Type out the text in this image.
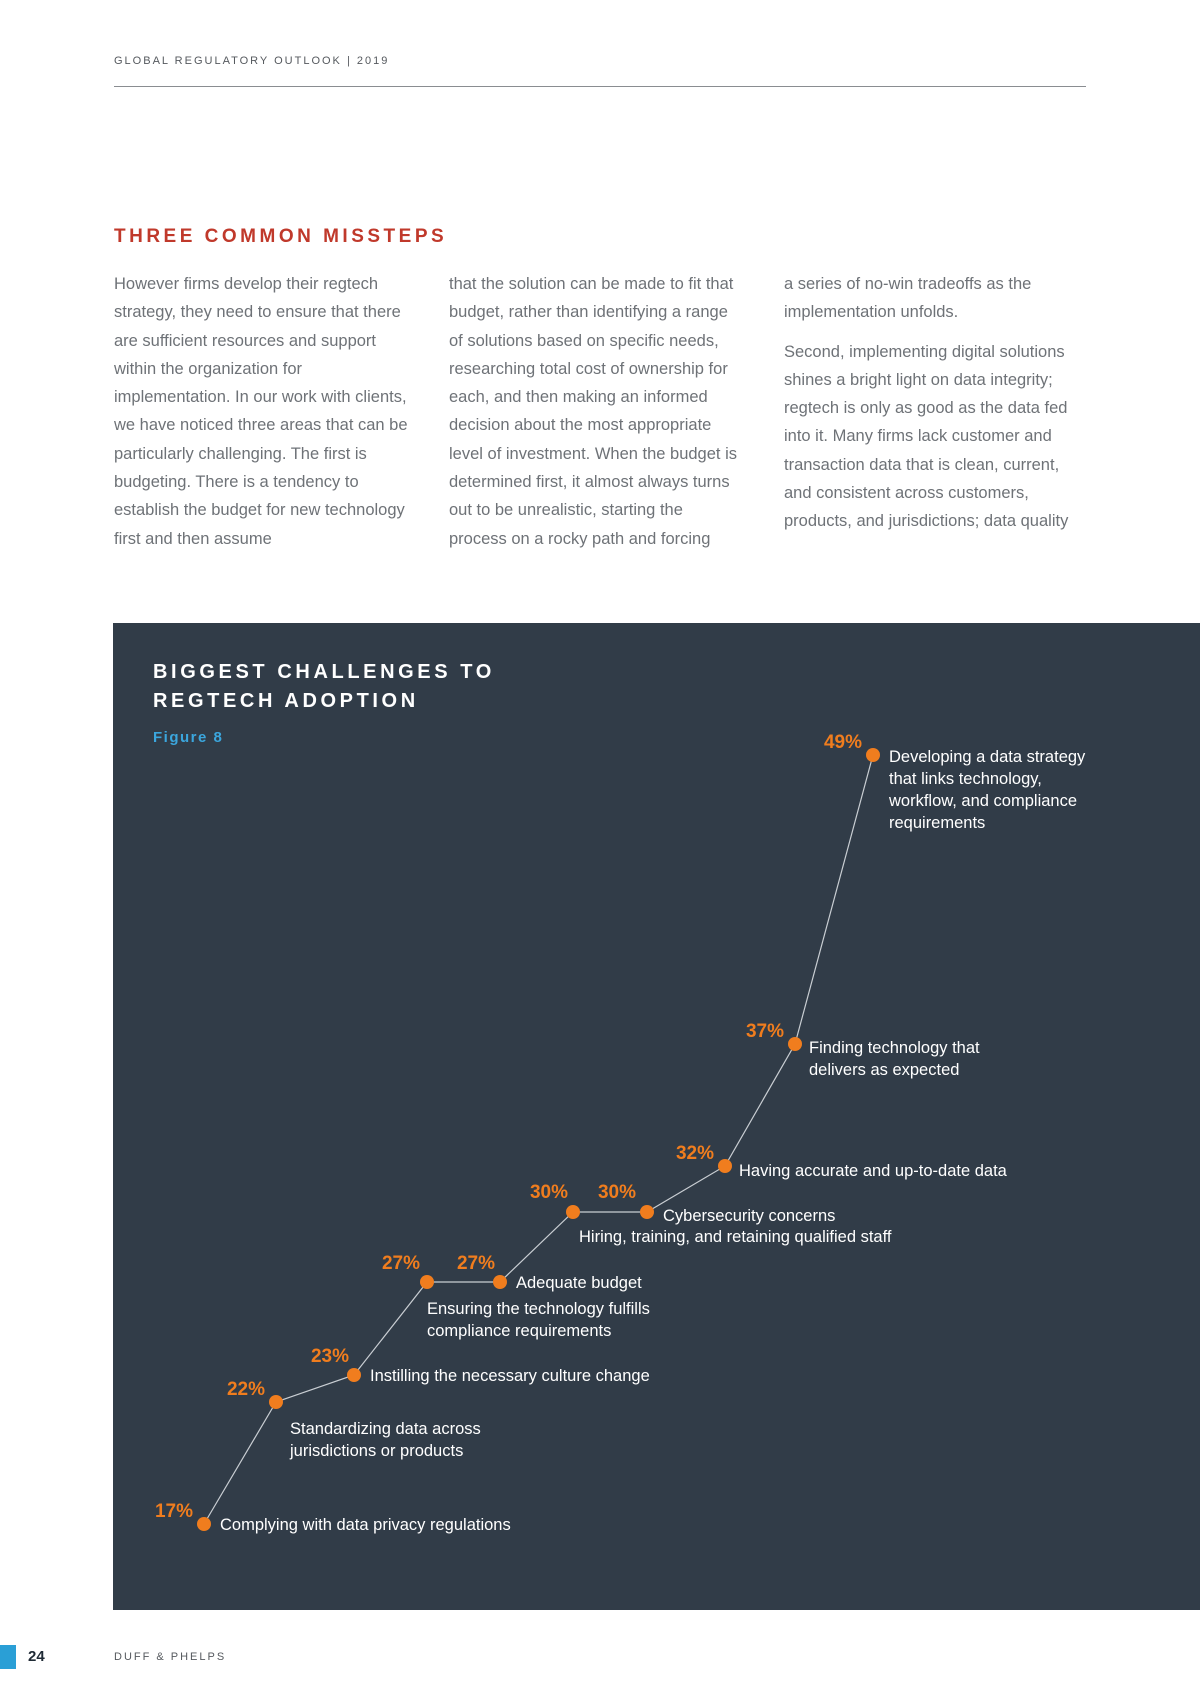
GLOBAL REGULATORY OUTLOOK | 2019
THREE COMMON MISSTEPS

However firms develop their regtech strategy, they need to ensure that there are sufficient resources and support within the organization for implementation. In our work with clients, we have noticed three areas that can be particularly challenging. The first is budgeting. There is a tendency to establish the budget for new technology first and then assume

that the solution can be made to fit that budget, rather than identifying a range of solutions based on specific needs, researching total cost of ownership for each, and then making an informed decision about the most appropriate level of investment. When the budget is determined first, it almost always turns out to be unrealistic, starting the process on a rocky path and forcing

a series of no-win tradeoffs as the implementation unfolds.

Second, implementing digital solutions shines a bright light on data integrity; regtech is only as good as the data fed into it. Many firms lack customer and transaction data that is clean, current, and consistent across customers, products, and jurisdictions; data quality

BIGGEST CHALLENGES TO
REGTECH ADOPTION
Figure 8
17%
Complying with data privacy regulations
22%
Standardizing data across jurisdictions or products
23%
Instilling the necessary culture change
27%
Ensuring the technology fulfills compliance requirements
27%
Adequate budget
30%
Hiring, training, and retaining qualified staff
30%
Cybersecurity concerns
32%
Having accurate and up-to-date data
37%
Finding technology that delivers as expected
49%
Developing a data strategy that links technology, workflow, and compliance requirements
24	DUFF & PHELPS
